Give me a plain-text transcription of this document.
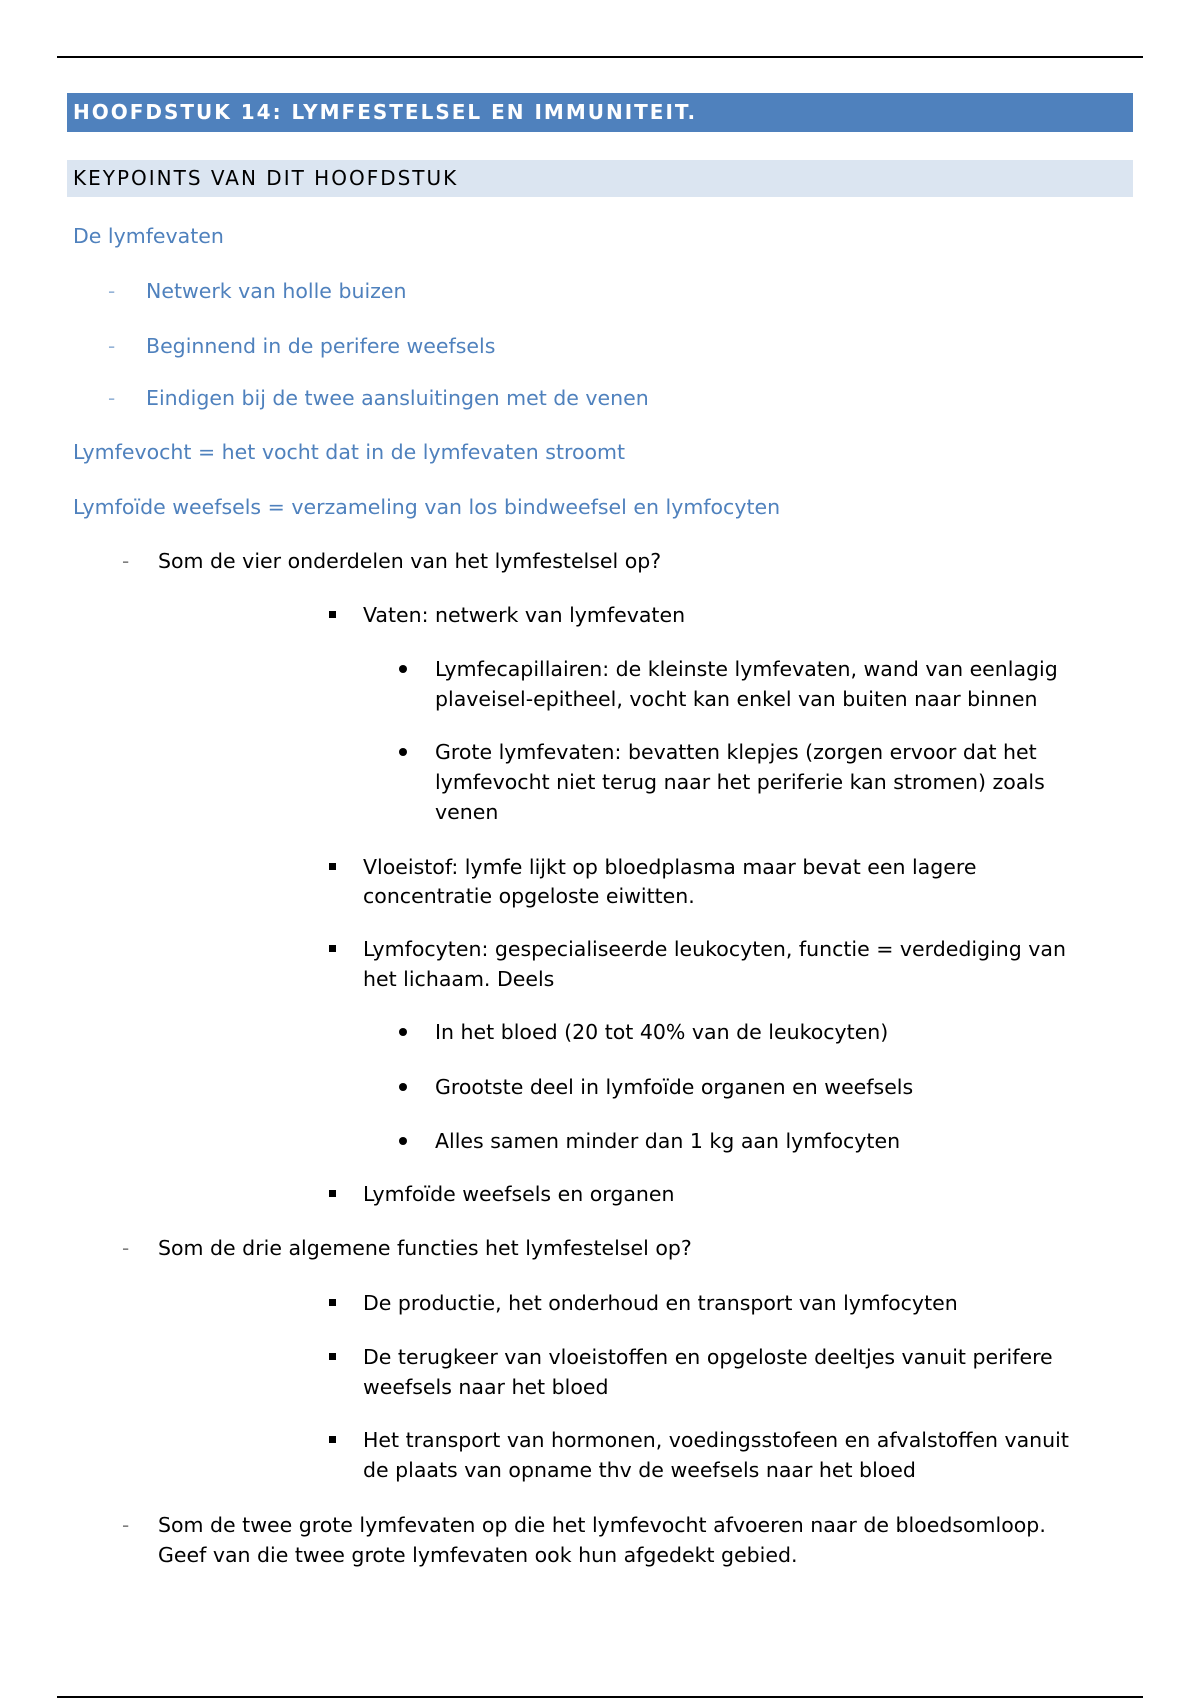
HOOFDSTUK 14: LYMFESTELSEL EN IMMUNITEIT.
KEYPOINTS VAN DIT HOOFDSTUK
De lymfevaten
- Netwerk van holle buizen
- Beginnend in de perifere weefsels
- Eindigen bij de twee aansluitingen met de venen
Lymfevocht = het vocht dat in de lymfevaten stroomt
Lymfoïde weefsels = verzameling van los bindweefsel en lymfocyten
- Som de vier onderdelen van het lymfestelsel op?
Vaten: netwerk van lymfevaten
Lymfecapillairen: de kleinste lymfevaten, wand van eenlagig
plaveisel-epitheel, vocht kan enkel van buiten naar binnen
Grote lymfevaten: bevatten klepjes (zorgen ervoor dat het
lymfevocht niet terug naar het periferie kan stromen) zoals
venen
Vloeistof: lymfe lijkt op bloedplasma maar bevat een lagere
concentratie opgeloste eiwitten.
Lymfocyten: gespecialiseerde leukocyten, functie = verdediging van
het lichaam. Deels
In het bloed (20 tot 40% van de leukocyten)
Grootste deel in lymfoïde organen en weefsels
Alles samen minder dan 1 kg aan lymfocyten
Lymfoïde weefsels en organen
- Som de drie algemene functies het lymfestelsel op?
De productie, het onderhoud en transport van lymfocyten
De terugkeer van vloeistoffen en opgeloste deeltjes vanuit perifere
weefsels naar het bloed
Het transport van hormonen, voedingsstofeen en afvalstoffen vanuit
de plaats van opname thv de weefsels naar het bloed
- Som de twee grote lymfevaten op die het lymfevocht afvoeren naar de bloedsomloop.
Geef van die twee grote lymfevaten ook hun afgedekt gebied.
